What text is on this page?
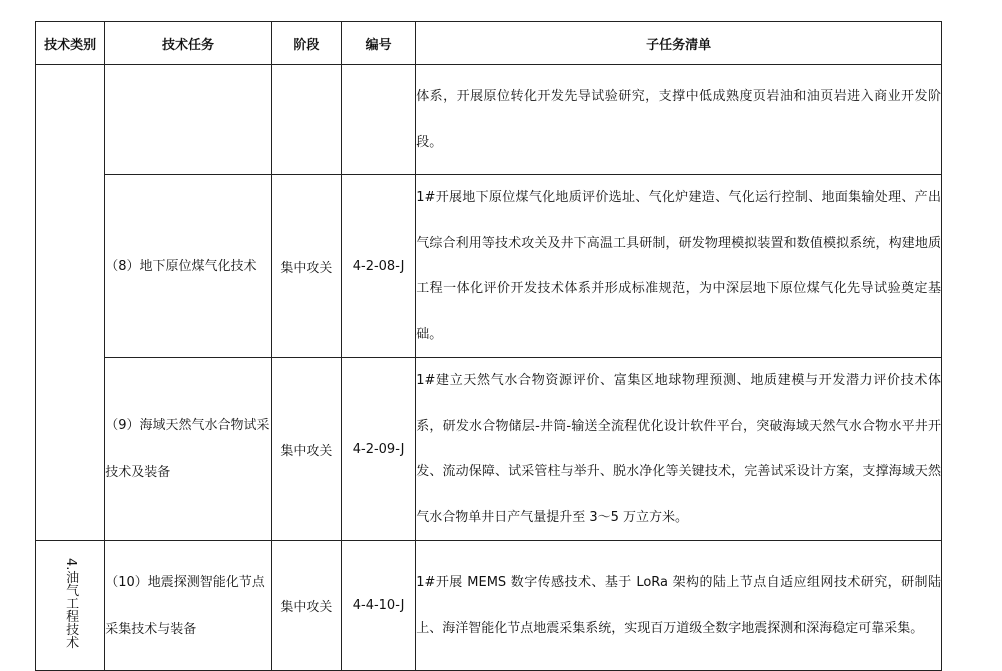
技术类别	技术任务	阶段	编号	子任务清单
				体系，开展原位转化开发先导试验研究，支撑中低成熟度页岩油和油页岩进入商业开发阶段。
	（8）地下原位煤气化技术	集中攻关	4-2-08-J	1#开展地下原位煤气化地质评价选址、气化炉建造、气化运行控制、地面集输处理、产出气综合利用等技术攻关及井下高温工具研制，研发物理模拟装置和数值模拟系统，构建地质工程一体化评价开发技术体系并形成标准规范，为中深层地下原位煤气化先导试验奠定基础。
	（9）海域天然气水合物试采技术及装备	集中攻关	4-2-09-J	1#建立天然气水合物资源评价、富集区地球物理预测、地质建模与开发潜力评价技术体系，研发水合物储层-井筒-输送全流程优化设计软件平台，突破海域天然气水合物水平井开发、流动保障、试采管柱与举升、脱水净化等关键技术，完善试采设计方案，支撑海域天然气水合物单井日产气量提升至 3～5 万立方米。
4.油气工程技术	（10）地震探测智能化节点采集技术与装备	集中攻关	4-4-10-J	1#开展 MEMS 数字传感技术、基于 LoRa 架构的陆上节点自适应组网技术研究，研制陆上、海洋智能化节点地震采集系统，实现百万道级全数字地震探测和深海稳定可靠采集。
